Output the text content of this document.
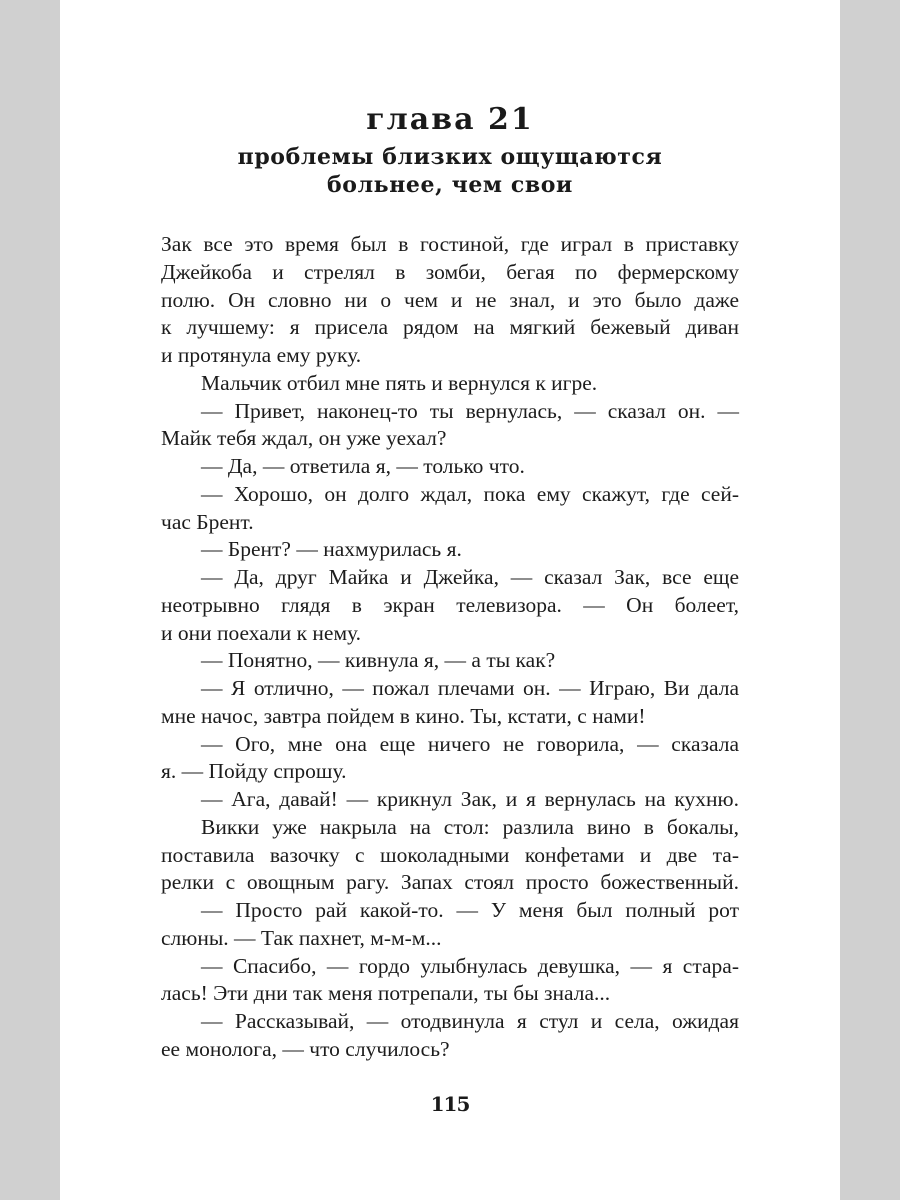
глава 21
проблемы близких ощущаются
больнее, чем свои
Зак все это время был в гостиной, где играл в приставку
Джейкоба и стрелял в зомби, бегая по фермерскому
полю. Он словно ни о чем и не знал, и это было даже
к лучшему: я присела рядом на мягкий бежевый диван
и протянула ему руку.
Мальчик отбил мне пять и вернулся к игре.
— Привет, наконец-то ты вернулась, — сказал он. —
Майк тебя ждал, он уже уехал?
— Да, — ответила я, — только что.
— Хорошо, он долго ждал, пока ему скажут, где сей-
час Брент.
— Брент? — нахмурилась я.
— Да, друг Майка и Джейка, — сказал Зак, все еще
неотрывно глядя в экран телевизора. — Он болеет,
и они поехали к нему.
— Понятно, — кивнула я, — а ты как?
— Я отлично, — пожал плечами он. — Играю, Ви дала
мне начос, завтра пойдем в кино. Ты, кстати, с нами!
— Ого, мне она еще ничего не говорила, — сказала
я. — Пойду спрошу.
— Ага, давай! — крикнул Зак, и я вернулась на кухню.
Викки уже накрыла на стол: разлила вино в бокалы,
поставила вазочку с шоколадными конфетами и две та-
релки с овощным рагу. Запах стоял просто божественный.
— Просто рай какой-то. — У меня был полный рот
слюны. — Так пахнет, м-м-м...
— Спасибо, — гордо улыбнулась девушка, — я стара-
лась! Эти дни так меня потрепали, ты бы знала...
— Рассказывай, — отодвинула я стул и села, ожидая
ее монолога, — что случилось?
115
